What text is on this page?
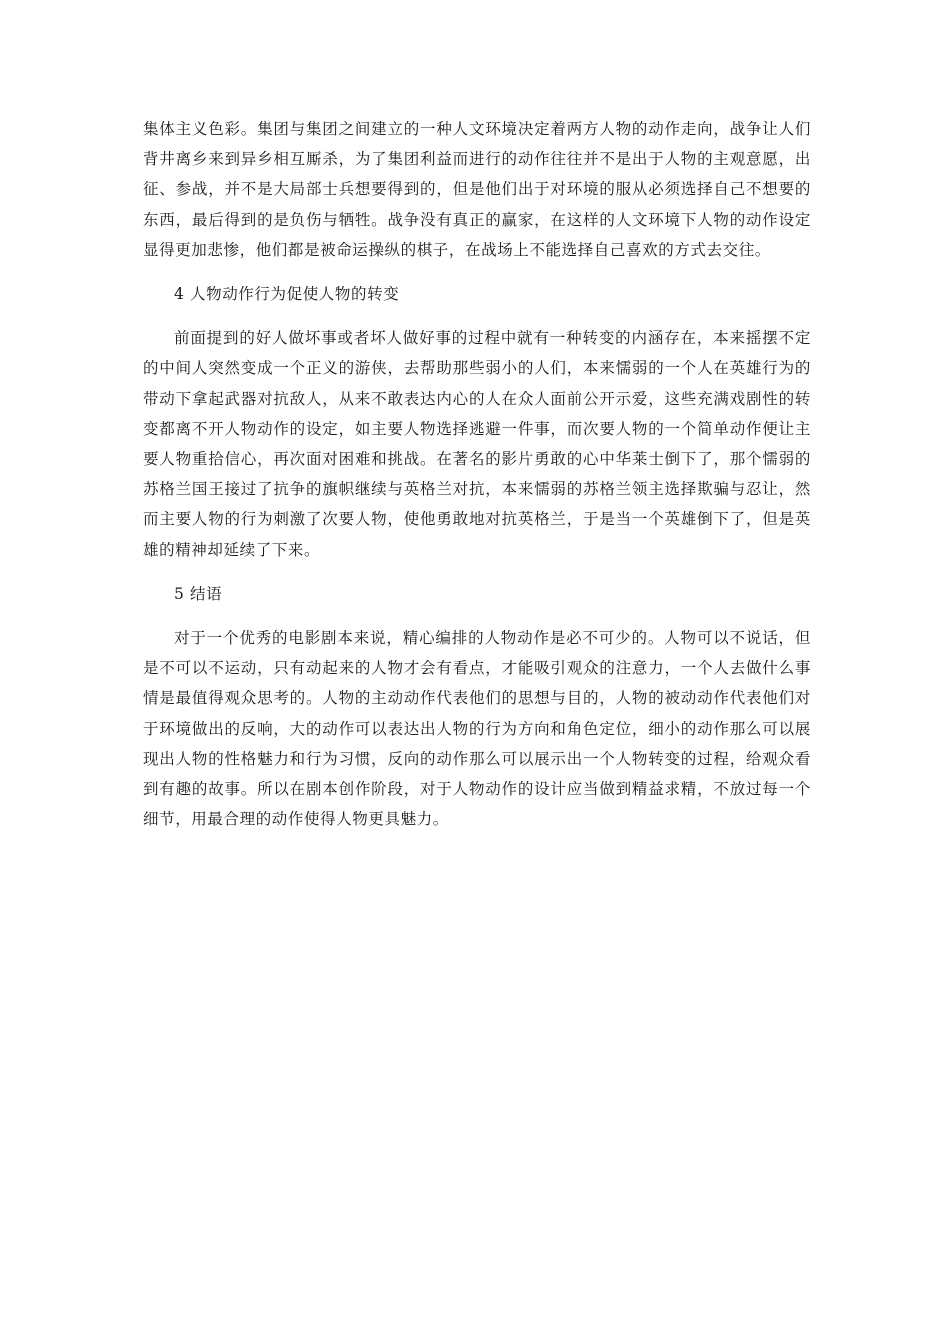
集体主义色彩。集团与集团之间建立的一种人文环境决定着两方人物的动作走向，战争让人们背井离乡来到异乡相互厮杀，为了集团利益而进行的动作往往并不是出于人物的主观意愿，出征、参战，并不是大局部士兵想要得到的，但是他们出于对环境的服从必须选择自己不想要的东西，最后得到的是负伤与牺牲。战争没有真正的赢家，在这样的人文环境下人物的动作设定显得更加悲惨，他们都是被命运操纵的棋子，在战场上不能选择自己喜欢的方式去交往。

4 人物动作行为促使人物的转变

前面提到的好人做坏事或者坏人做好事的过程中就有一种转变的内涵存在，本来摇摆不定的中间人突然变成一个正义的游侠，去帮助那些弱小的人们，本来懦弱的一个人在英雄行为的带动下拿起武器对抗敌人，从来不敢表达内心的人在众人面前公开示爱，这些充满戏剧性的转变都离不开人物动作的设定，如主要人物选择逃避一件事，而次要人物的一个简单动作便让主要人物重拾信心，再次面对困难和挑战。在著名的影片勇敢的心中华莱士倒下了，那个懦弱的苏格兰国王接过了抗争的旗帜继续与英格兰对抗，本来懦弱的苏格兰领主选择欺骗与忍让，然而主要人物的行为刺激了次要人物，使他勇敢地对抗英格兰，于是当一个英雄倒下了，但是英雄的精神却延续了下来。

5 结语

对于一个优秀的电影剧本来说，精心编排的人物动作是必不可少的。人物可以不说话，但是不可以不运动，只有动起来的人物才会有看点，才能吸引观众的注意力，一个人去做什么事情是最值得观众思考的。人物的主动动作代表他们的思想与目的，人物的被动动作代表他们对于环境做出的反响，大的动作可以表达出人物的行为方向和角色定位，细小的动作那么可以展现出人物的性格魅力和行为习惯，反向的动作那么可以展示出一个人物转变的过程，给观众看到有趣的故事。所以在剧本创作阶段，对于人物动作的设计应当做到精益求精，不放过每一个细节，用最合理的动作使得人物更具魅力。
